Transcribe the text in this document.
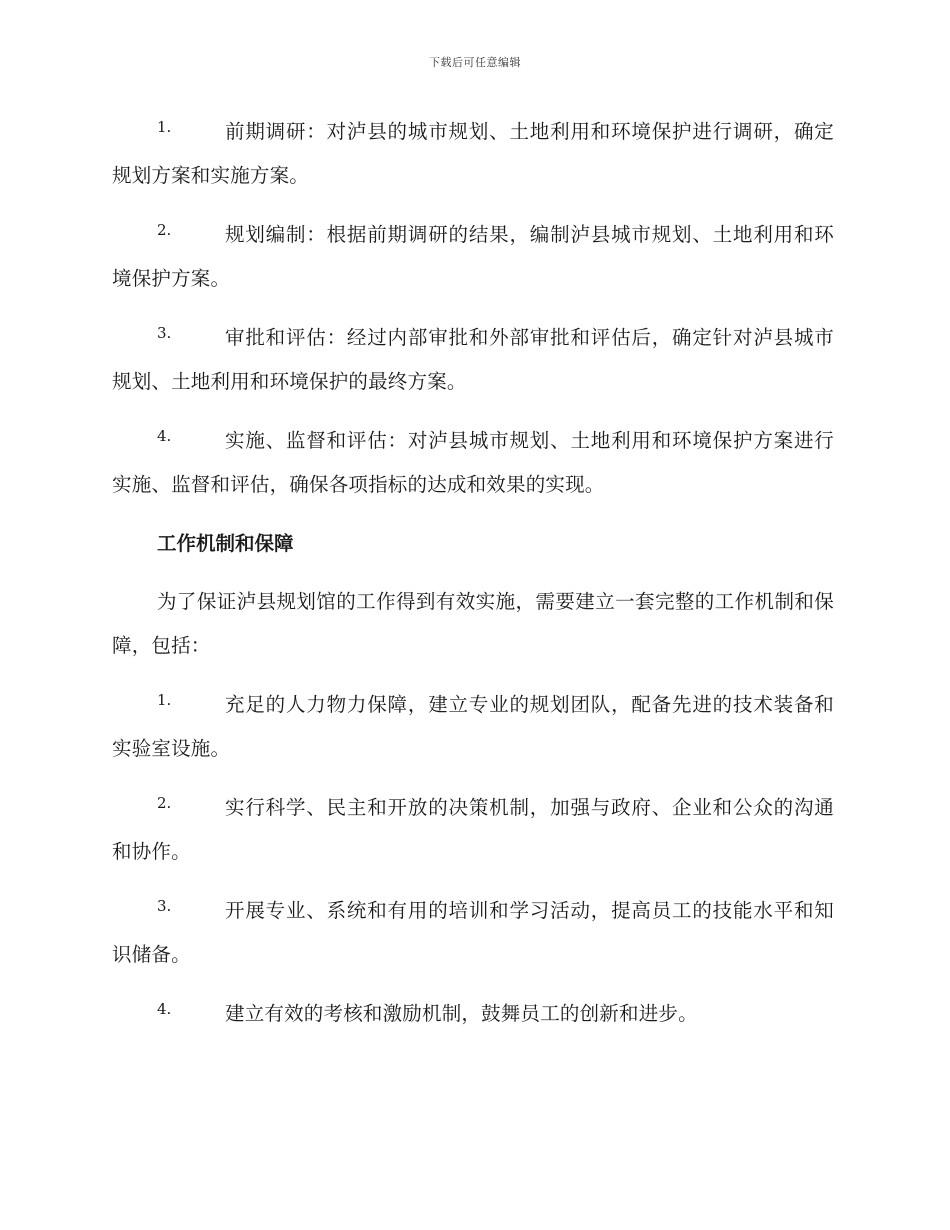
下载后可任意编辑
1.	前期调研：对泸县的城市规划、土地利用和环境保护进行调研，确定规划方案和实施方案。

2.	规划编制：根据前期调研的结果，编制泸县城市规划、土地利用和环境保护方案。

3.	审批和评估：经过内部审批和外部审批和评估后，确定针对泸县城市规划、土地利用和环境保护的最终方案。

4.	实施、监督和评估：对泸县城市规划、土地利用和环境保护方案进行实施、监督和评估，确保各项指标的达成和效果的实现。

工作机制和保障

为了保证泸县规划馆的工作得到有效实施，需要建立一套完整的工作机制和保障，包括：

1.	充足的人力物力保障，建立专业的规划团队，配备先进的技术装备和实验室设施。

2.	实行科学、民主和开放的决策机制，加强与政府、企业和公众的沟通和协作。

3.	开展专业、系统和有用的培训和学习活动，提高员工的技能水平和知识储备。

4.	建立有效的考核和激励机制，鼓舞员工的创新和进步。
